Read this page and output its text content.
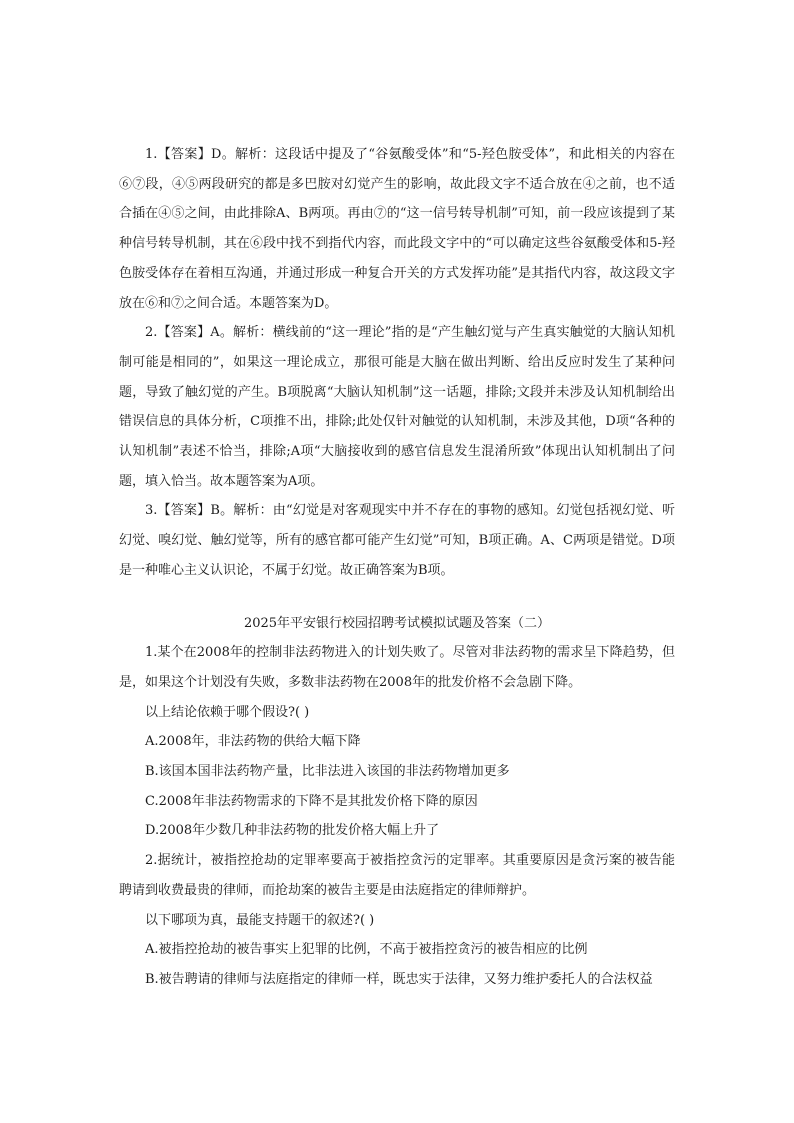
1.【答案】D。解析：这段话中提及了“谷氨酸受体”和“5-羟色胺受体”，和此相关的内容在⑥⑦段，④⑤两段研究的都是多巴胺对幻觉产生的影响，故此段文字不适合放在④之前，也不适合插在④⑤之间，由此排除A、B两项。再由⑦的“这一信号转导机制”可知，前一段应该提到了某种信号转导机制，其在⑥段中找不到指代内容，而此段文字中的“可以确定这些谷氨酸受体和5-羟色胺受体存在着相互沟通，并通过形成一种复合开关的方式发挥功能”是其指代内容，故这段文字放在⑥和⑦之间合适。本题答案为D。

2.【答案】A。解析：横线前的“这一理论”指的是“产生触幻觉与产生真实触觉的大脑认知机制可能是相同的”，如果这一理论成立，那很可能是大脑在做出判断、给出反应时发生了某种问题，导致了触幻觉的产生。B项脱离“大脑认知机制”这一话题，排除;文段并未涉及认知机制给出错误信息的具体分析，C项推不出，排除;此处仅针对触觉的认知机制，未涉及其他，D项“各种的认知机制”表述不恰当，排除;A项“大脑接收到的感官信息发生混淆所致”体现出认知机制出了问题，填入恰当。故本题答案为A项。

3.【答案】B。解析：由“幻觉是对客观现实中并不存在的事物的感知。幻觉包括视幻觉、听幻觉、嗅幻觉、触幻觉等，所有的感官都可能产生幻觉”可知，B项正确。A、C两项是错觉。D项是一种唯心主义认识论，不属于幻觉。故正确答案为B项。

2025年平安银行校园招聘考试模拟试题及答案（二）

1.某个在2008年的控制非法药物进入的计划失败了。尽管对非法药物的需求呈下降趋势，但是，如果这个计划没有失败，多数非法药物在2008年的批发价格不会急剧下降。

以上结论依赖于哪个假设?( )

A.2008年，非法药物的供给大幅下降

B.该国本国非法药物产量，比非法进入该国的非法药物增加更多

C.2008年非法药物需求的下降不是其批发价格下降的原因

D.2008年少数几种非法药物的批发价格大幅上升了

2.据统计，被指控抢劫的定罪率要高于被指控贪污的定罪率。其重要原因是贪污案的被告能聘请到收费最贵的律师，而抢劫案的被告主要是由法庭指定的律师辩护。

以下哪项为真，最能支持题干的叙述?( )

A.被指控抢劫的被告事实上犯罪的比例，不高于被指控贪污的被告相应的比例

B.被告聘请的律师与法庭指定的律师一样，既忠实于法律，又努力维护委托人的合法权益
